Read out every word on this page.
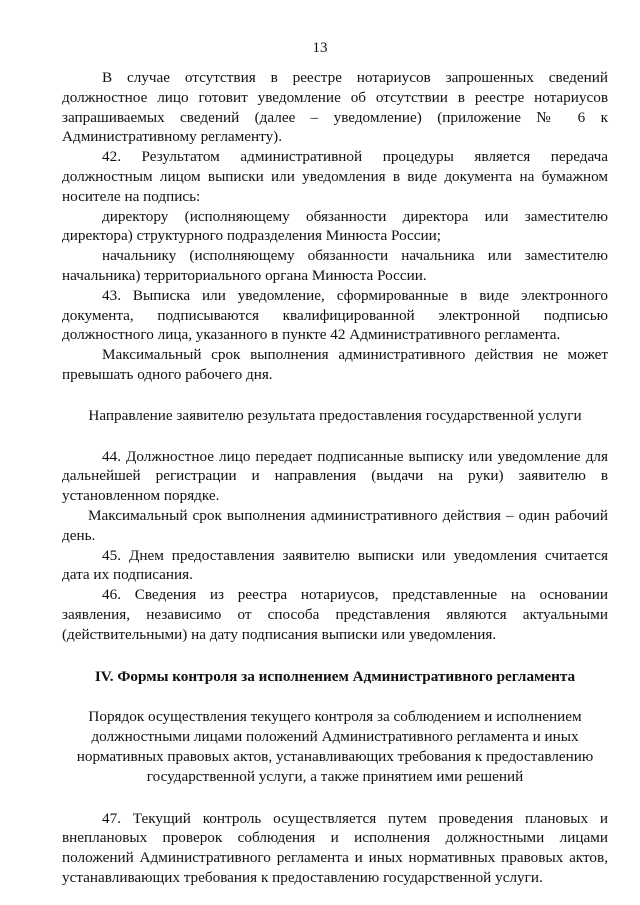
13

В случае отсутствия в реестре нотариусов запрошенных сведений должностное лицо готовит уведомление об отсутствии в реестре нотариусов запрашиваемых сведений (далее – уведомление) (приложение № 6 к Административному регламенту).

42. Результатом административной процедуры является передача должностным лицом выписки или уведомления в виде документа на бумажном носителе на подпись:

директору (исполняющему обязанности директора или заместителю директора) структурного подразделения Минюста России;

начальнику (исполняющему обязанности начальника или заместителю начальника) территориального органа Минюста России.

43. Выписка или уведомление, сформированные в виде электронного документа, подписываются квалифицированной электронной подписью должностного лица, указанного в пункте 42 Административного регламента.

Максимальный срок выполнения административного действия не может превышать одного рабочего дня.

Направление заявителю результата предоставления государственной услуги

44. Должностное лицо передает подписанные выписку или уведомление для дальнейшей регистрации и направления (выдачи на руки) заявителю в установленном порядке.

Максимальный срок выполнения административного действия – один рабочий день.

45. Днем предоставления заявителю выписки или уведомления считается дата их подписания.

46. Сведения из реестра нотариусов, представленные на основании заявления, независимо от способа представления являются актуальными (действительными) на дату подписания выписки или уведомления.

IV. Формы контроля за исполнением Административного регламента

Порядок осуществления текущего контроля за соблюдением и исполнением должностными лицами положений Административного регламента и иных нормативных правовых актов, устанавливающих требования к предоставлению государственной услуги, а также принятием ими решений

47. Текущий контроль осуществляется путем проведения плановых и внеплановых проверок соблюдения и исполнения должностными лицами положений Административного регламента и иных нормативных правовых актов, устанавливающих требования к предоставлению государственной услуги.
